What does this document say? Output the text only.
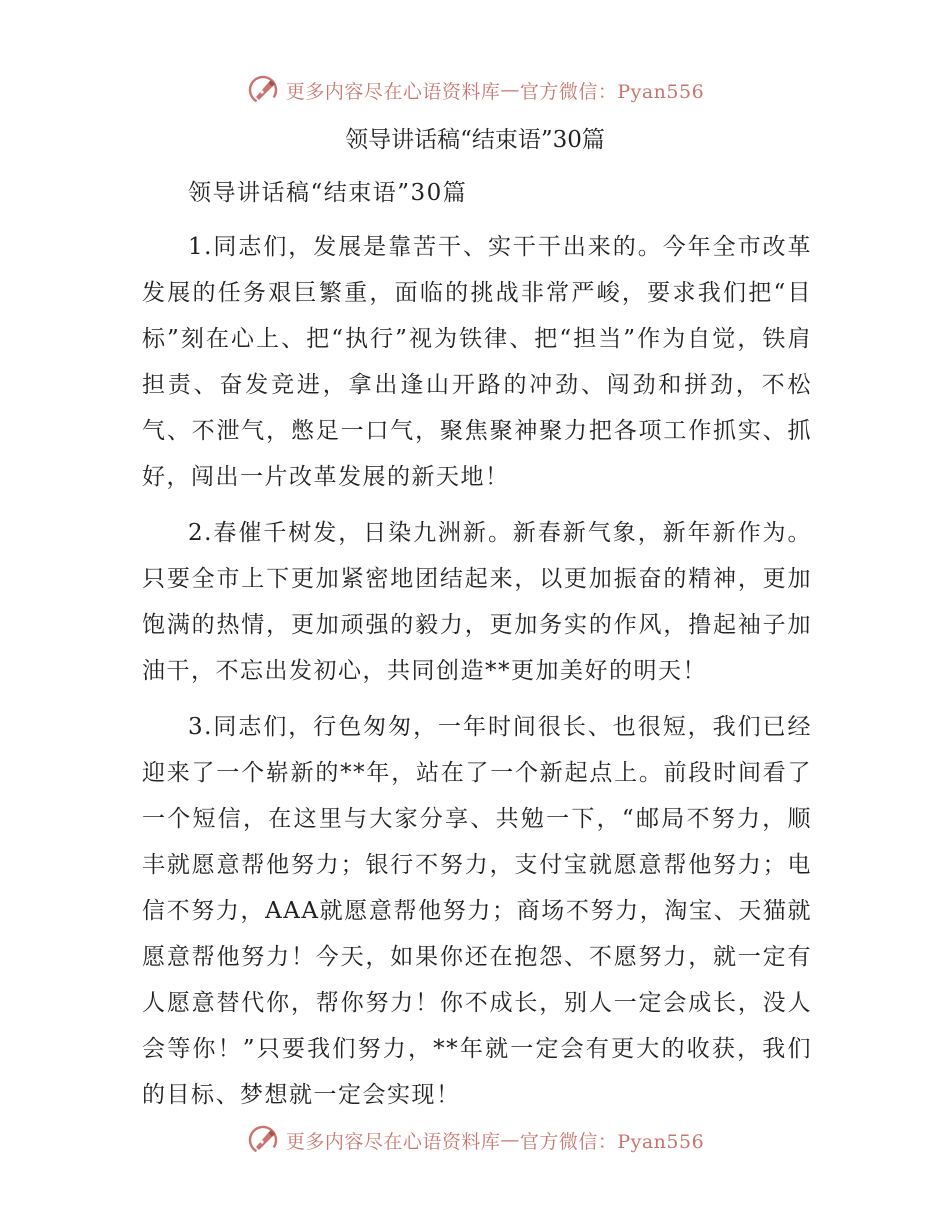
更多内容尽在心语资料库 — 官方微信：Pyan556
领导讲话稿“结束语”30篇

领导讲话稿“结束语”30篇

1.同志们，发展是靠苦干、实干干出来的。今年全市改革发展的任务艰巨繁重，面临的挑战非常严峻，要求我们把“目标”刻在心上、把“执行”视为铁律、把“担当”作为自觉，铁肩担责、奋发竞进，拿出逢山开路的冲劲、闯劲和拼劲，不松气、不泄气，憋足一口气，聚焦聚神聚力把各项工作抓实、抓好，闯出一片改革发展的新天地！

2.春催千树发，日染九洲新。新春新气象，新年新作为。只要全市上下更加紧密地团结起来，以更加振奋的精神，更加饱满的热情，更加顽强的毅力，更加务实的作风，撸起袖子加油干，不忘出发初心，共同创造**更加美好的明天！

3.同志们，行色匆匆，一年时间很长、也很短，我们已经迎来了一个崭新的**年，站在了一个新起点上。前段时间看了一个短信，在这里与大家分享、共勉一下，“邮局不努力，顺丰就愿意帮他努力；银行不努力，支付宝就愿意帮他努力；电信不努力，AAA就愿意帮他努力；商场不努力，淘宝、天猫就愿意帮他努力！今天，如果你还在抱怨、不愿努力，就一定有人愿意替代你，帮你努力！你不成长，别人一定会成长，没人会等你！”只要我们努力，**年就一定会有更大的收获，我们的目标、梦想就一定会实现！

更多内容尽在心语资料库 — 官方微信：Pyan556
